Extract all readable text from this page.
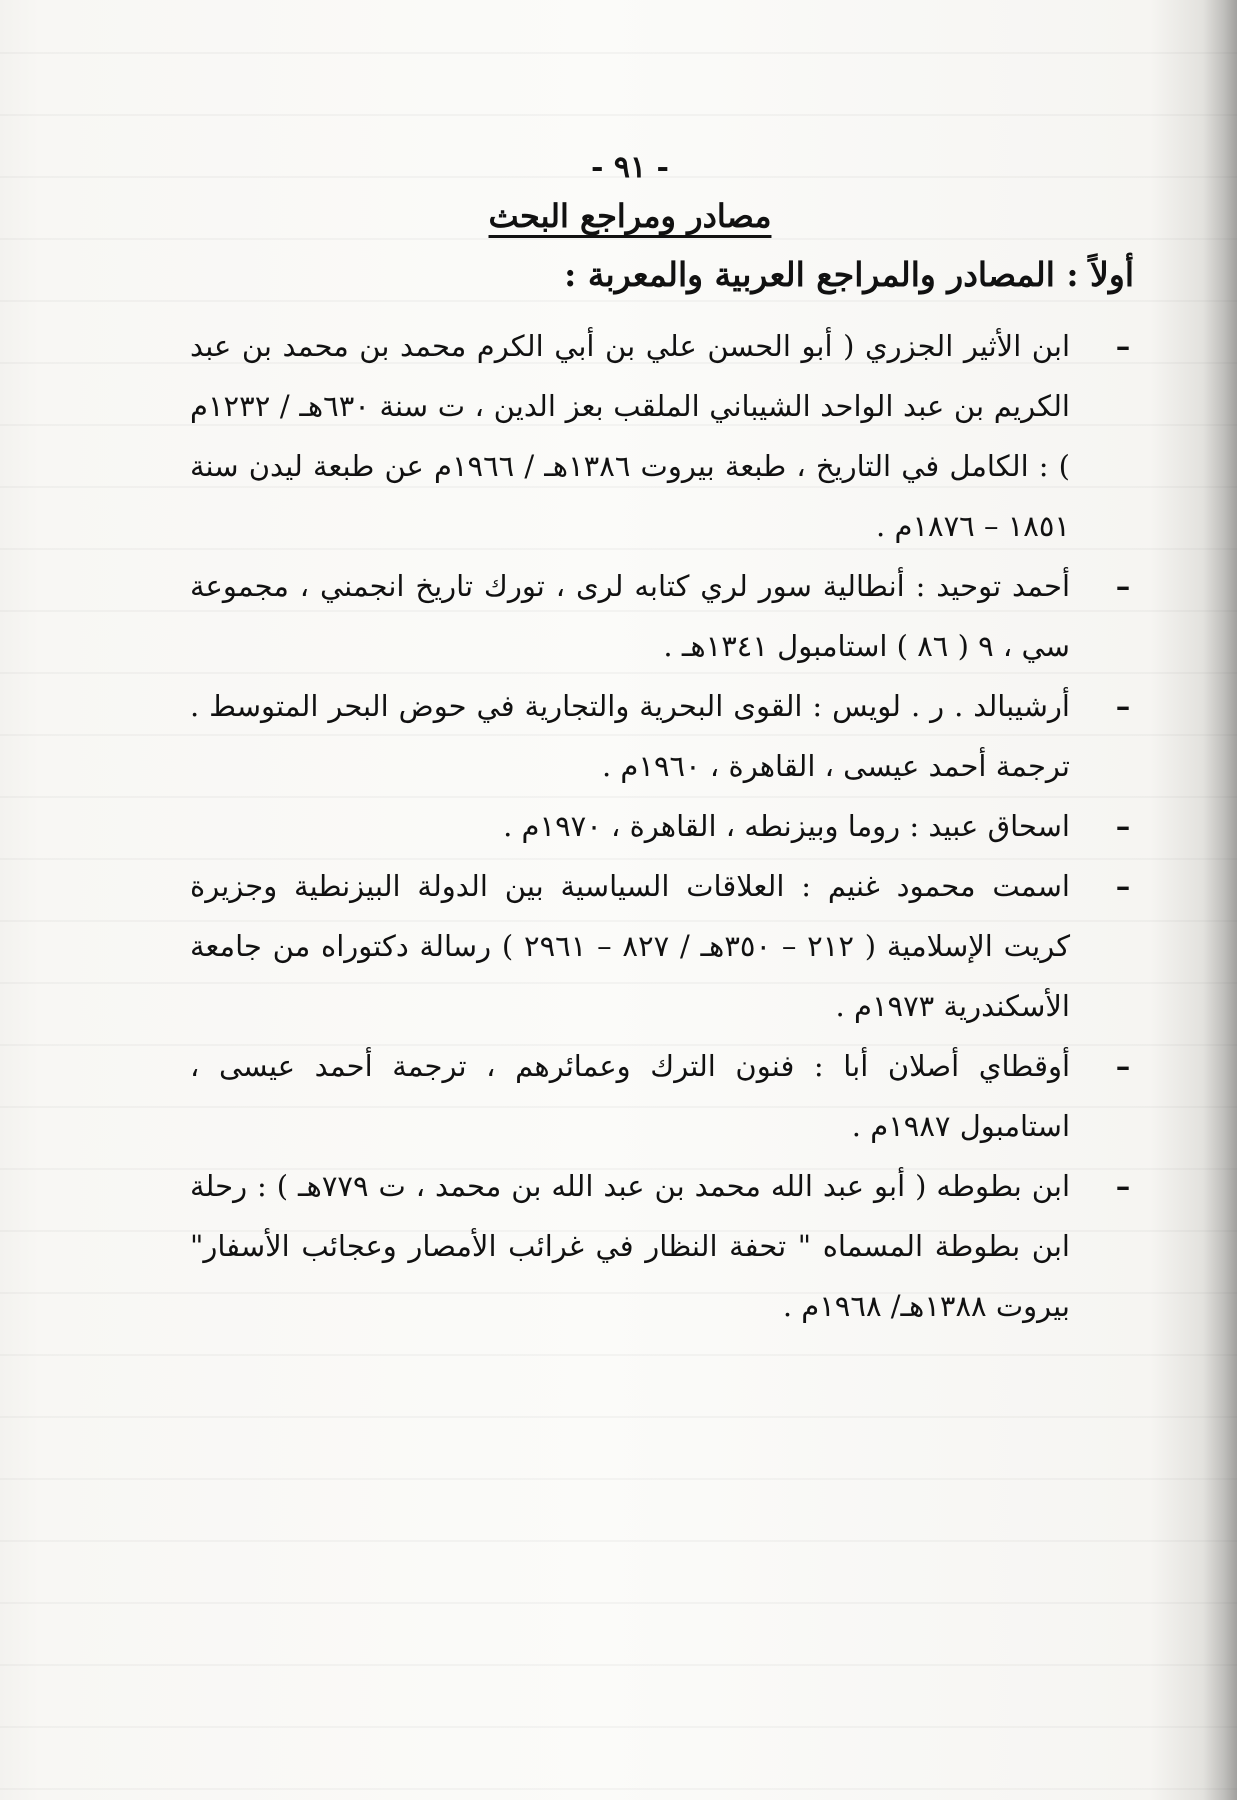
- ٩١ -
مصادر ومراجع البحث
أولاً : المصادر والمراجع العربية والمعربة :
–
ابن الأثير الجزري ( أبو الحسن علي بن أبي الكرم محمد بن محمد بن عبد الكريم بن عبد الواحد الشيباني الملقب بعز الدين ، ت سنة ٦٣٠هـ / ١٢٣٢م ) : الكامل في التاريخ ، طبعة بيروت ١٣٨٦هـ / ١٩٦٦م عن طبعة ليدن سنة ١٨٥١ – ١٨٧٦م .
–
أحمد توحيد : أنطالية سور لري كتابه لرى ، تورك تاريخ انجمني ، مجموعة سي ، ٩ ( ٨٦ ) استامبول ١٣٤١هـ .
–
أرشيبالد . ر . لويس : القوى البحرية والتجارية في حوض البحر المتوسط . ترجمة أحمد عيسى ، القاهرة ، ١٩٦٠م .
–
اسحاق عبيد : روما وبيزنطه ، القاهرة ، ١٩٧٠م .
–
اسمت محمود غنيم : العلاقات السياسية بين الدولة البيزنطية وجزيرة كريت الإسلامية ( ٢١٢ – ٣٥٠هـ / ٨٢٧ – ٢٩٦١ ) رسالة دكتوراه من جامعة الأسكندرية ١٩٧٣م .
–
أوقطاي أصلان أبا : فنون الترك وعمائرهم ، ترجمة أحمد عيسى ، استامبول ١٩٨٧م .
–
ابن بطوطه ( أبو عبد الله محمد بن عبد الله بن محمد ، ت ٧٧٩هـ ) : رحلة ابن بطوطة المسماه " تحفة النظار في غرائب الأمصار وعجائب الأسفار" بيروت ١٣٨٨هـ/ ١٩٦٨م .
